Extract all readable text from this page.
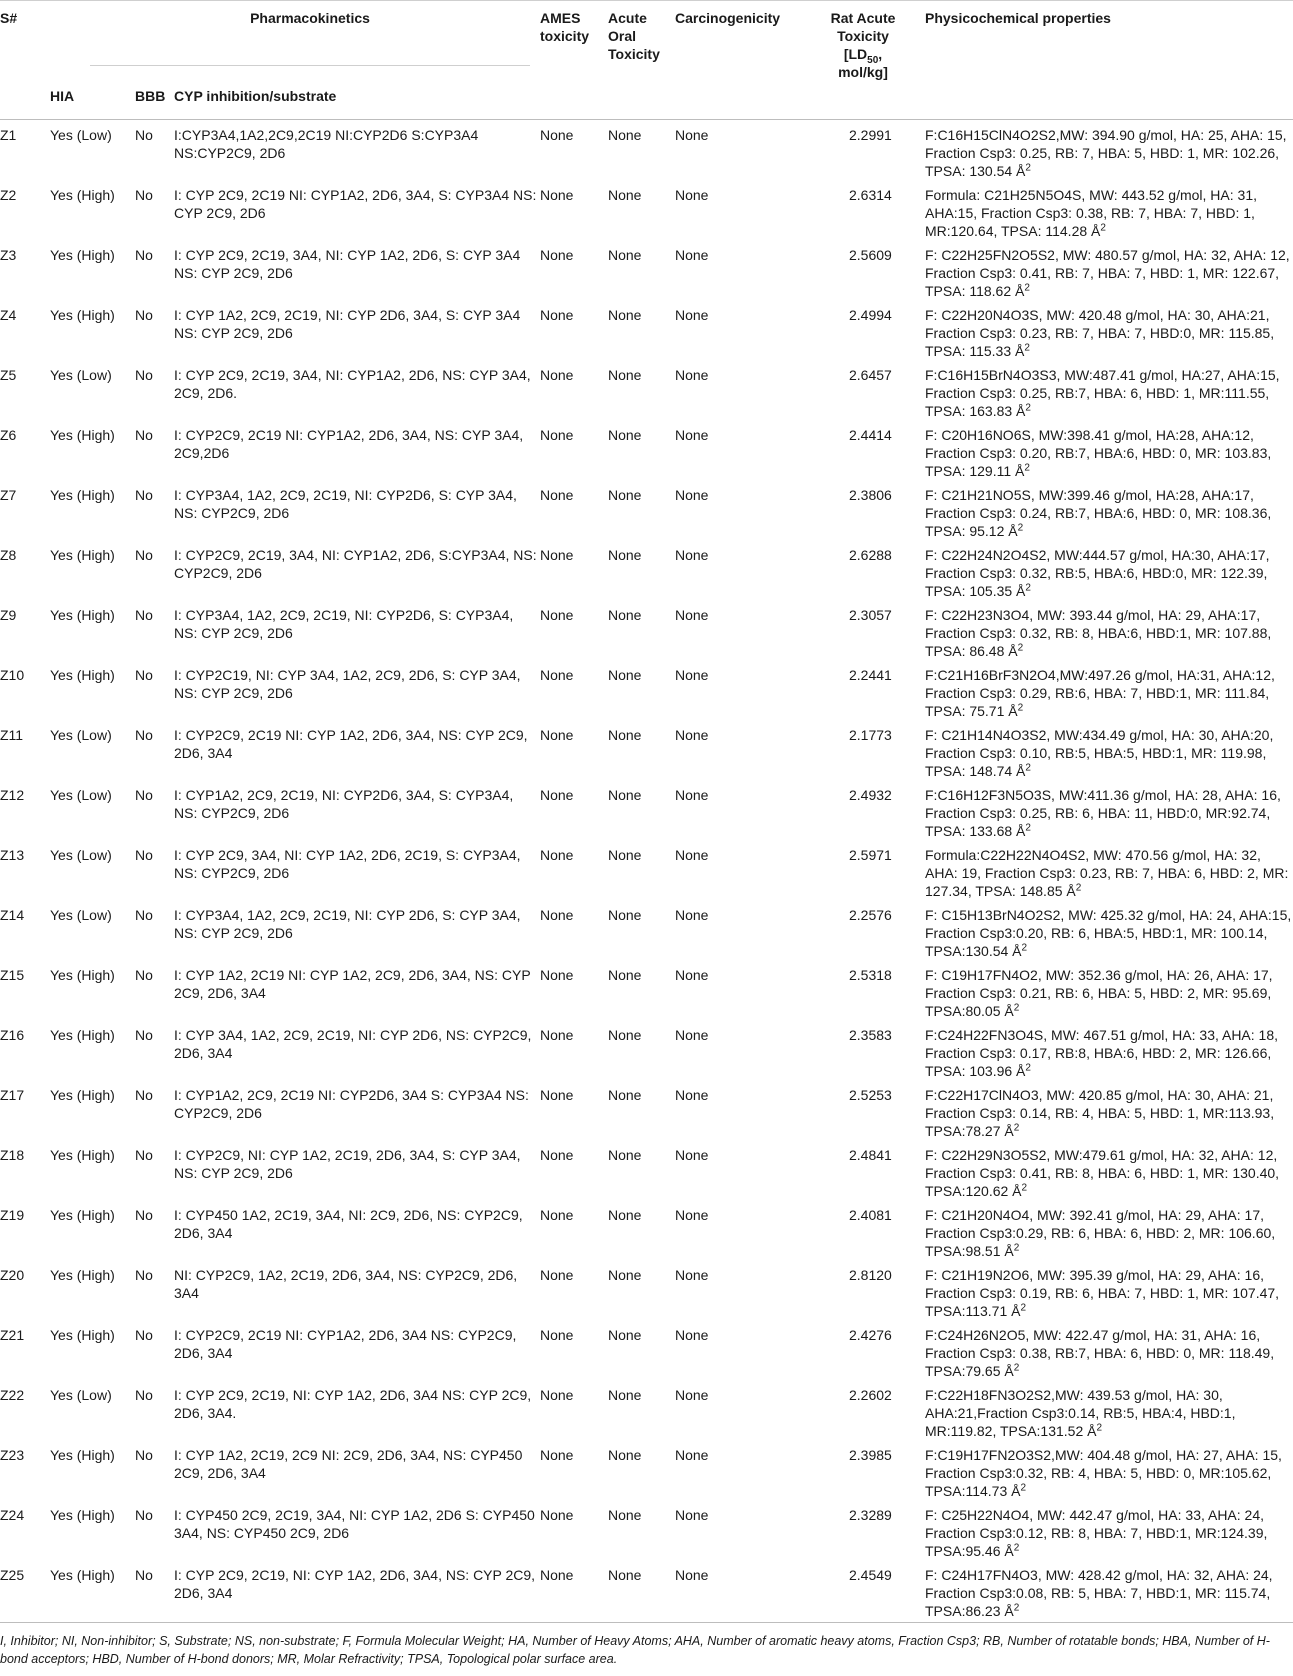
S#	Pharmacokinetics			AMES toxicity	Acute Oral Toxicity	Carcinogenicity	Rat Acute Toxicity [$LD_{50}$, mol/kg]	Physicochemical properties
	HIA	BBB	CYP inhibition/substrate					
Z1	Yes (Low)	No	I:CYP3A4,1A2,2C9,2C19 NI:CYP2D6 S:CYP3A4 NS:CYP2C9, 2D6	None	None	None	2.2991	F:C16H15ClN4O2S2,MW: 394.90 g/mol, HA: 25, AHA: 15, Fraction Csp3: 0.25, RB: 7, HBA: 5, HBD: 1, MR: 102.26, TPSA: 130.54 $Å^2$
Z2	Yes (High)	No	I: CYP 2C9, 2C19 NI: CYP1A2, 2D6, 3A4, S: CYP3A4 NS: CYP 2C9, 2D6	None	None	None	2.6314	Formula: C21H25N5O4S, MW: 443.52 g/mol, HA: 31, AHA:15, Fraction Csp3: 0.38, RB: 7, HBA: 7, HBD: 1, MR:120.64, TPSA: 114.28 $Å^2$
Z3	Yes (High)	No	I: CYP 2C9, 2C19, 3A4, NI: CYP 1A2, 2D6, S: CYP 3A4 NS: CYP 2C9, 2D6	None	None	None	2.5609	F: C22H25FN2O5S2, MW: 480.57 g/mol, HA: 32, AHA: 12, Fraction Csp3: 0.41, RB: 7, HBA: 7, HBD: 1, MR: 122.67, TPSA: 118.62 $Å^2$
Z4	Yes (High)	No	I: CYP 1A2, 2C9, 2C19, NI: CYP 2D6, 3A4, S: CYP 3A4 NS: CYP 2C9, 2D6	None	None	None	2.4994	F: C22H20N4O3S, MW: 420.48 g/mol, HA: 30, AHA:21, Fraction Csp3: 0.23, RB: 7, HBA: 7, HBD:0, MR: 115.85, TPSA: 115.33 $Å^2$
Z5	Yes (Low)	No	I: CYP 2C9, 2C19, 3A4, NI: CYP1A2, 2D6, NS: CYP 3A4, 2C9, 2D6.	None	None	None	2.6457	F:C16H15BrN4O3S3, MW:487.41 g/mol, HA:27, AHA:15, Fraction Csp3: 0.25, RB:7, HBA: 6, HBD: 1, MR:111.55, TPSA: 163.83 $Å^2$
Z6	Yes (High)	No	I: CYP2C9, 2C19 NI: CYP1A2, 2D6, 3A4, NS: CYP 3A4, 2C9,2D6	None	None	None	2.4414	F: C20H16NO6S, MW:398.41 g/mol, HA:28, AHA:12, Fraction Csp3: 0.20, RB:7, HBA:6, HBD: 0, MR: 103.83, TPSA: 129.11 $Å^2$
Z7	Yes (High)	No	I: CYP3A4, 1A2, 2C9, 2C19, NI: CYP2D6, S: CYP 3A4, NS: CYP2C9, 2D6	None	None	None	2.3806	F: C21H21NO5S, MW:399.46 g/mol, HA:28, AHA:17, Fraction Csp3: 0.24, RB:7, HBA:6, HBD: 0, MR: 108.36, TPSA: 95.12 $Å^2$
Z8	Yes (High)	No	I: CYP2C9, 2C19, 3A4, NI: CYP1A2, 2D6, S:CYP3A4, NS: CYP2C9, 2D6	None	None	None	2.6288	F: C22H24N2O4S2, MW:444.57 g/mol, HA:30, AHA:17, Fraction Csp3: 0.32, RB:5, HBA:6, HBD:0, MR: 122.39, TPSA: 105.35 $Å^2$
Z9	Yes (High)	No	I: CYP3A4, 1A2, 2C9, 2C19, NI: CYP2D6, S: CYP3A4, NS: CYP 2C9, 2D6	None	None	None	2.3057	F: C22H23N3O4, MW: 393.44 g/mol, HA: 29, AHA:17, Fraction Csp3: 0.32, RB: 8, HBA:6, HBD:1, MR: 107.88, TPSA: 86.48 $Å^2$
Z10	Yes (High)	No	I: CYP2C19, NI: CYP 3A4, 1A2, 2C9, 2D6, S: CYP 3A4, NS: CYP 2C9, 2D6	None	None	None	2.2441	F:C21H16BrF3N2O4,MW:497.26 g/mol, HA:31, AHA:12, Fraction Csp3: 0.29, RB:6, HBA: 7, HBD:1, MR: 111.84, TPSA: 75.71 $Å^2$
Z11	Yes (Low)	No	I: CYP2C9, 2C19 NI: CYP 1A2, 2D6, 3A4, NS: CYP 2C9, 2D6, 3A4	None	None	None	2.1773	F: C21H14N4O3S2, MW:434.49 g/mol, HA: 30, AHA:20, Fraction Csp3: 0.10, RB:5, HBA:5, HBD:1, MR: 119.98, TPSA: 148.74 $Å^2$
Z12	Yes (Low)	No	I: CYP1A2, 2C9, 2C19, NI: CYP2D6, 3A4, S: CYP3A4, NS: CYP2C9, 2D6	None	None	None	2.4932	F:C16H12F3N5O3S, MW:411.36 g/mol, HA: 28, AHA: 16, Fraction Csp3: 0.25, RB: 6, HBA: 11, HBD:0, MR:92.74, TPSA: 133.68 $Å^2$
Z13	Yes (Low)	No	I: CYP 2C9, 3A4, NI: CYP 1A2, 2D6, 2C19, S: CYP3A4, NS: CYP2C9, 2D6	None	None	None	2.5971	Formula:C22H22N4O4S2, MW: 470.56 g/mol, HA: 32, AHA: 19, Fraction Csp3: 0.23, RB: 7, HBA: 6, HBD: 2, MR: 127.34, TPSA: 148.85 $Å^2$
Z14	Yes (Low)	No	I: CYP3A4, 1A2, 2C9, 2C19, NI: CYP 2D6, S: CYP 3A4, NS: CYP 2C9, 2D6	None	None	None	2.2576	F: C15H13BrN4O2S2, MW: 425.32 g/mol, HA: 24, AHA:15, Fraction Csp3:0.20, RB: 6, HBA:5, HBD:1, MR: 100.14, TPSA:130.54 $Å^2$
Z15	Yes (High)	No	I: CYP 1A2, 2C19 NI: CYP 1A2, 2C9, 2D6, 3A4, NS: CYP 2C9, 2D6, 3A4	None	None	None	2.5318	F: C19H17FN4O2, MW: 352.36 g/mol, HA: 26, AHA: 17, Fraction Csp3: 0.21, RB: 6, HBA: 5, HBD: 2, MR: 95.69, TPSA:80.05 $Å^2$
Z16	Yes (High)	No	I: CYP 3A4, 1A2, 2C9, 2C19, NI: CYP 2D6, NS: CYP2C9, 2D6, 3A4	None	None	None	2.3583	F:C24H22FN3O4S, MW: 467.51 g/mol, HA: 33, AHA: 18, Fraction Csp3: 0.17, RB:8, HBA:6, HBD: 2, MR: 126.66, TPSA: 103.96 $Å^2$
Z17	Yes (High)	No	I: CYP1A2, 2C9, 2C19 NI: CYP2D6, 3A4 S: CYP3A4 NS: CYP2C9, 2D6	None	None	None	2.5253	F:C22H17ClN4O3, MW: 420.85 g/mol, HA: 30, AHA: 21, Fraction Csp3: 0.14, RB: 4, HBA: 5, HBD: 1, MR:113.93, TPSA:78.27 $Å^2$
Z18	Yes (High)	No	I: CYP2C9, NI: CYP 1A2, 2C19, 2D6, 3A4, S: CYP 3A4, NS: CYP 2C9, 2D6	None	None	None	2.4841	F: C22H29N3O5S2, MW:479.61 g/mol, HA: 32, AHA: 12, Fraction Csp3: 0.41, RB: 8, HBA: 6, HBD: 1, MR: 130.40, TPSA:120.62 $Å^2$
Z19	Yes (High)	No	I: CYP450 1A2, 2C19, 3A4, NI: 2C9, 2D6, NS: CYP2C9, 2D6, 3A4	None	None	None	2.4081	F: C21H20N4O4, MW: 392.41 g/mol, HA: 29, AHA: 17, Fraction Csp3:0.29, RB: 6, HBA: 6, HBD: 2, MR: 106.60, TPSA:98.51 $Å^2$
Z20	Yes (High)	No	NI: CYP2C9, 1A2, 2C19, 2D6, 3A4, NS: CYP2C9, 2D6, 3A4	None	None	None	2.8120	F: C21H19N2O6, MW: 395.39 g/mol, HA: 29, AHA: 16, Fraction Csp3: 0.19, RB: 6, HBA: 7, HBD: 1, MR: 107.47, TPSA:113.71 $Å^2$
Z21	Yes (High)	No	I: CYP2C9, 2C19 NI: CYP1A2, 2D6, 3A4 NS: CYP2C9, 2D6, 3A4	None	None	None	2.4276	F:C24H26N2O5, MW: 422.47 g/mol, HA: 31, AHA: 16, Fraction Csp3: 0.38, RB:7, HBA: 6, HBD: 0, MR: 118.49, TPSA:79.65 $Å^2$
Z22	Yes (Low)	No	I: CYP 2C9, 2C19, NI: CYP 1A2, 2D6, 3A4 NS: CYP 2C9, 2D6, 3A4.	None	None	None	2.2602	F:C22H18FN3O2S2,MW: 439.53 g/mol, HA: 30, AHA:21,Fraction Csp3:0.14, RB:5, HBA:4, HBD:1, MR:119.82, TPSA:131.52 $Å^2$
Z23	Yes (High)	No	I: CYP 1A2, 2C19, 2C9 NI: 2C9, 2D6, 3A4, NS: CYP450 2C9, 2D6, 3A4	None	None	None	2.3985	F:C19H17FN2O3S2,MW: 404.48 g/mol, HA: 27, AHA: 15, Fraction Csp3:0.32, RB: 4, HBA: 5, HBD: 0, MR:105.62, TPSA:114.73 $Å^2$
Z24	Yes (High)	No	I: CYP450 2C9, 2C19, 3A4, NI: CYP 1A2, 2D6 S: CYP450 3A4, NS: CYP450 2C9, 2D6	None	None	None	2.3289	F: C25H22N4O4, MW: 442.47 g/mol, HA: 33, AHA: 24, Fraction Csp3:0.12, RB: 8, HBA: 7, HBD:1, MR:124.39, TPSA:95.46 $Å^2$
Z25	Yes (High)	No	I: CYP 2C9, 2C19, NI: CYP 1A2, 2D6, 3A4, NS: CYP 2C9, 2D6, 3A4	None	None	None	2.4549	F: C24H17FN4O3, MW: 428.42 g/mol, HA: 32, AHA: 24, Fraction Csp3:0.08, RB: 5, HBA: 7, HBD:1, MR: 115.74, TPSA:86.23 $Å^2$
I, Inhibitor; NI, Non-inhibitor; S, Substrate; NS, non-substrate; F, Formula Molecular Weight; HA, Number of Heavy Atoms; AHA, Number of aromatic heavy atoms, Fraction Csp3; RB, Number of rotatable bonds; HBA, Number of H-bond acceptors; HBD, Number of H-bond donors; MR, Molar Refractivity; TPSA, Topological polar surface area.
